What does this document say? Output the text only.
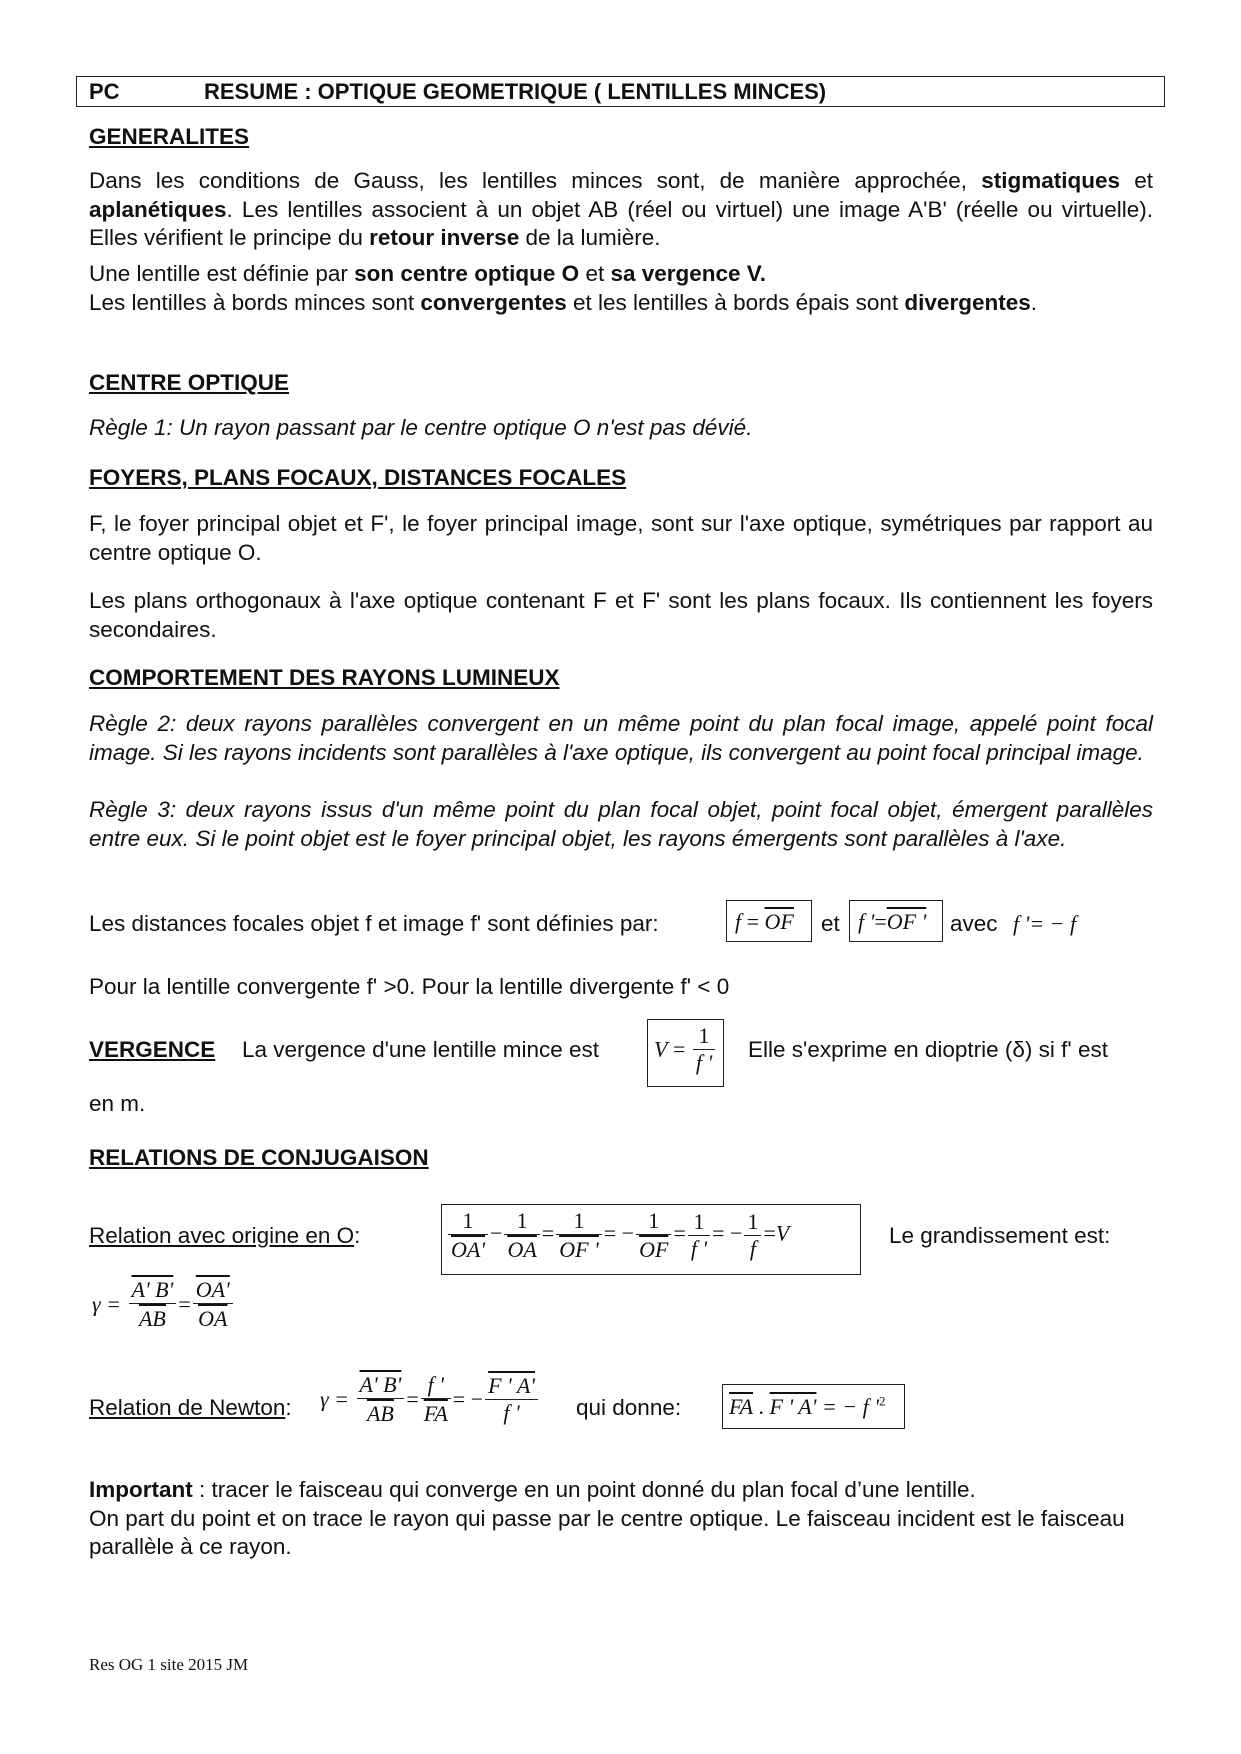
PC	RESUME : OPTIQUE GEOMETRIQUE ( LENTILLES MINCES)
GENERALITES
Dans les conditions de Gauss, les lentilles minces sont, de manière approchée, stigmatiques et aplanétiques. Les lentilles associent à un objet AB (réel ou virtuel) une image A'B' (réelle ou virtuelle). Elles vérifient le principe du retour inverse de la lumière.
Une lentille est définie par son centre optique O et sa vergence V.
Les lentilles à bords minces sont convergentes et les lentilles à bords épais sont divergentes.
CENTRE OPTIQUE
Règle 1: Un rayon passant par le centre optique O n'est pas dévié.
FOYERS, PLANS FOCAUX, DISTANCES FOCALES
F, le foyer principal objet et F', le foyer principal image, sont sur l'axe optique, symétriques par rapport au centre optique O.
Les plans orthogonaux à l'axe optique contenant F et F' sont les plans focaux. Ils contiennent les foyers secondaires.
COMPORTEMENT DES RAYONS LUMINEUX
Règle 2: deux rayons parallèles convergent en un même point du plan focal image, appelé point focal image. Si les rayons incidents sont parallèles à l'axe optique, ils convergent au point focal principal image.
Règle 3: deux rayons issus d'un même point du plan focal objet, point focal objet, émergent parallèles entre eux. Si le point objet est le foyer principal objet, les rayons émergents sont parallèles à l'axe.
Les distances focales objet f et image f' sont définies par:	$f = \overline{OF}$	et f '=OF '	avec f '= − f
Pour la lentille convergente f' >0. Pour la lentille divergente f' < 0
VERGENCE La vergence d'une lentille mince est	$V = \frac{1}{f '}$ Elle s'exprime en dioptrie (δ) si f' est
en m.
RELATIONS DE CONJUGAISON
Relation avec origine en O:	$\frac{1}{OA'} - \frac{1}{OA} = \frac{1}{OF '}$ = − $\frac{1}{OF} = \frac{1}{f '}$ = − $\frac{1}{f} =V$	Le grandissement est:
$\gamma = \frac{A' B'}{AB} = \frac{OA'}{OA}$
Relation de Newton: $\gamma = \frac{A' B'}{AB} = \frac{f '}{FA}$ = − $\frac{F ' A'}{f '}$ qui donne:	$\overline{FA}$ . F ' A' = − f '$^2$
Important : tracer le faisceau qui converge en un point donné du plan focal d’une lentille.
On part du point et on trace le rayon qui passe par le centre optique. Le faisceau incident est le faisceau parallèle à ce rayon.
Res OG 1 site 2015 JM
